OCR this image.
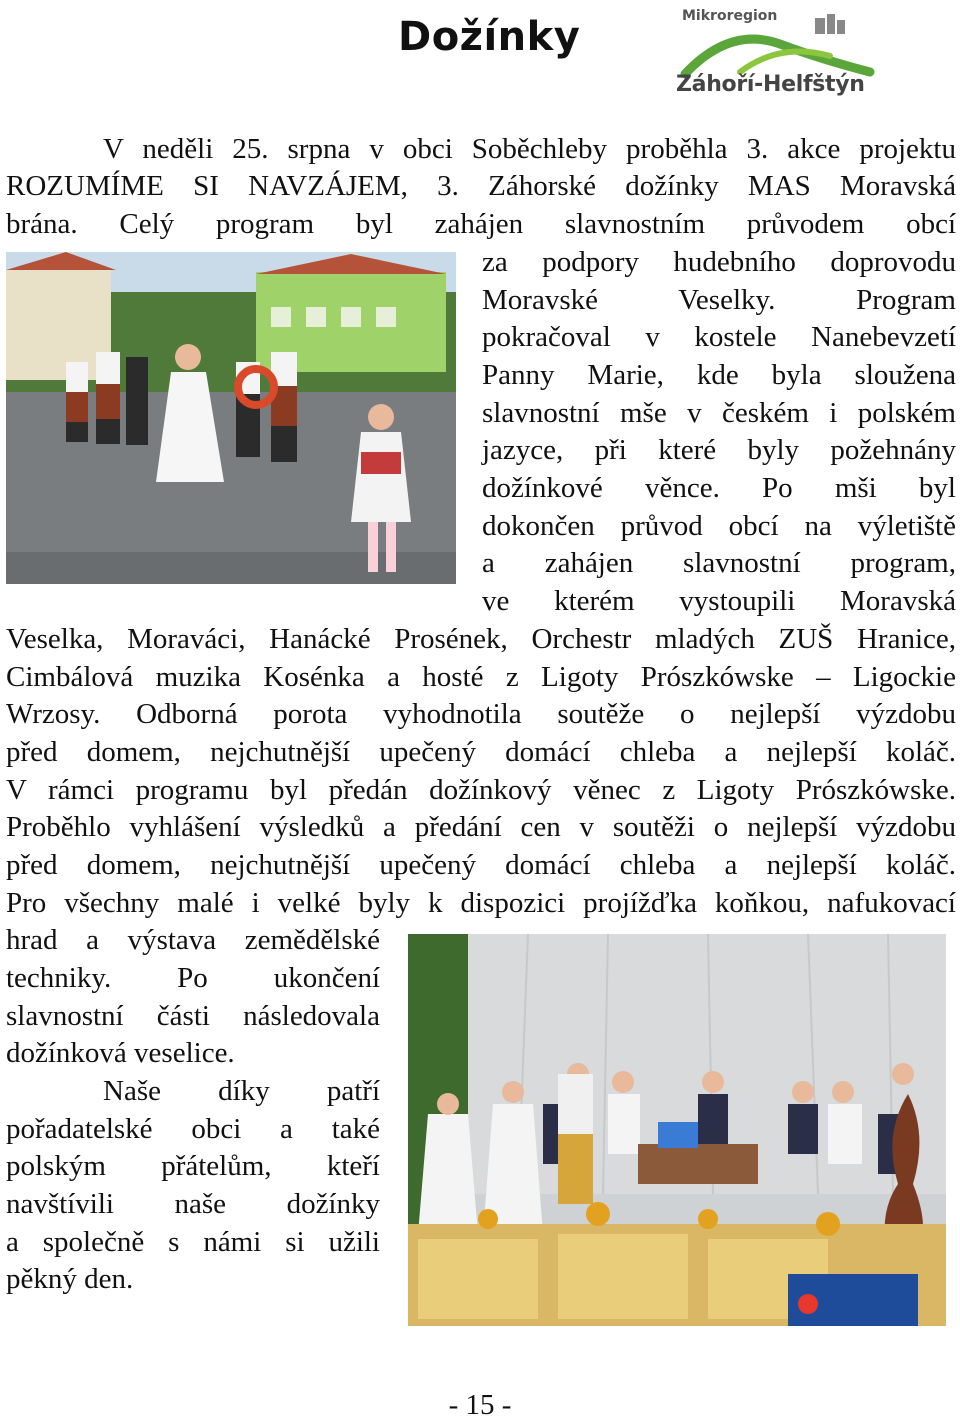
Dožínky	Mikroregion
Záhoří-Helfštýn
V neděli 25. srpna v obci Soběchleby proběhla 3. akce projektu
ROZUMÍME SI NAVZÁJEM, 3. Záhorské dožínky MAS Moravská
brána. Celý program byl zahájen slavnostním průvodem obcí
za podpory hudebního doprovodu
Moravské Veselky. Program
pokračoval v kostele Nanebevzetí
Panny Marie, kde byla sloužena
slavnostní mše v českém i polském
jazyce, při které byly požehnány
dožínkové věnce. Po mši byl
dokončen průvod obcí na výletiště
a zahájen slavnostní program,
ve kterém vystoupili Moravská
Veselka, Moraváci, Hanácké Prosének, Orchestr mladých ZUŠ Hranice,
Cimbálová muzika Kosénka a hosté z Ligoty Prószkówske – Ligockie
Wrzosy. Odborná porota vyhodnotila soutěže o nejlepší výzdobu
před domem, nejchutnější upečený domácí chleba a nejlepší koláč.
V rámci programu byl předán dožínkový věnec z Ligoty Prószkówske.
Proběhlo vyhlášení výsledků a předání cen v soutěži o nejlepší výzdobu
před domem, nejchutnější upečený domácí chleba a nejlepší koláč.
Pro všechny malé i velké byly k dispozici projížďka koňkou, nafukovací
hrad a výstava zemědělské
techniky. Po ukončení
slavnostní části následovala
dožínková veselice.
Naše díky patří
pořadatelské obci a také
polským přátelům, kteří
navštívili naše dožínky
a společně s námi si užili
pěkný den.
- 15 -
